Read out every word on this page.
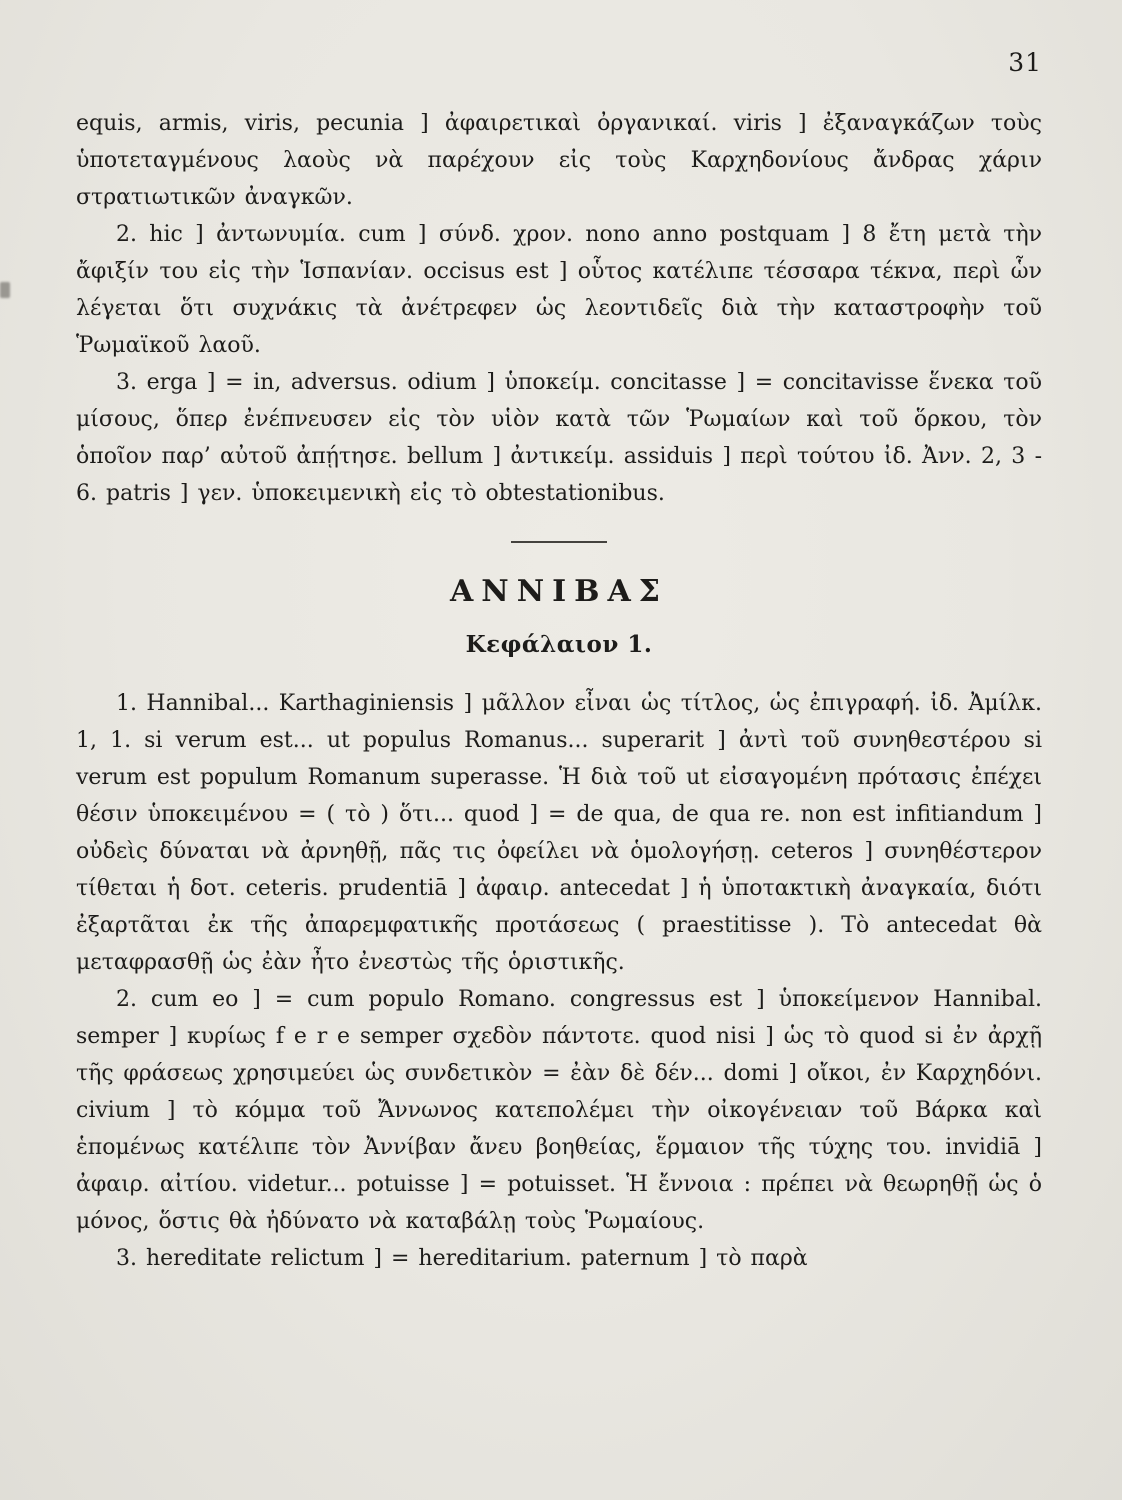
31

equis, armis, viris, pecunia ] ἀφαιρετικαὶ ὀργανικαί. viris ] ἐξαναγκάζων τοὺς ὑποτεταγμένους λαοὺς νὰ παρέχουν εἰς τοὺς Καρχηδονίους ἄνδρας χάριν στρατιωτικῶν ἀναγκῶν.

2. hic ] ἀντωνυμία. cum ] σύνδ. χρον. nono anno postquam ] 8 ἔτη μετὰ τὴν ἄφιξίν του εἰς τὴν Ἱσπανίαν. occisus est ] οὗτος κατέλιπε τέσσαρα τέκνα, περὶ ὧν λέγεται ὅτι συχνάκις τὰ ἀνέτρεφεν ὡς λεοντιδεῖς διὰ τὴν καταστροφὴν τοῦ Ῥωμαϊκοῦ λαοῦ.

3. erga ] = in, adversus. odium ] ὑποκείμ. concitasse ] = concitavisse ἕνεκα τοῦ μίσους, ὅπερ ἐνέπνευσεν εἰς τὸν υἱὸν κατὰ τῶν Ῥωμαίων καὶ τοῦ ὅρκου, τὸν ὁποῖον παρ’ αὐτοῦ ἀπῄτησε. bellum ] ἀντικείμ. assiduis ] περὶ τούτου ἰδ. Ἀνν. 2, 3 - 6. patris ] γεν. ὑποκειμενικὴ εἰς τὸ obtestationibus.

ΑΝΝΙΒΑΣ
Κεφάλαιον 1.

1. Hannibal... Karthaginiensis ] μᾶλλον εἶναι ὡς τίτλος, ὡς ἐπιγραφή. ἰδ. Ἀμίλκ. 1, 1. si verum est... ut populus Romanus... superarit ] ἀντὶ τοῦ συνηθεστέρου si verum est populum Romanum superasse. Ἡ διὰ τοῦ ut εἰσαγομένη πρότασις ἐπέχει θέσιν ὑποκειμένου = ( τὸ ) ὅτι... quod ] = de qua, de qua re. non est infitiandum ] οὐδεὶς δύναται νὰ ἀρνηθῇ, πᾶς τις ὀφείλει νὰ ὁμολογήσῃ. ceteros ] συνηθέστερον τίθεται ἡ δοτ. ceteris. prudentiā ] ἀφαιρ. antecedat ] ἡ ὑποτακτικὴ ἀναγκαία, διότι ἐξαρτᾶται ἐκ τῆς ἀπαρεμφατικῆς προτάσεως ( praestitisse ). Τὸ antecedat θὰ μεταφρασθῇ ὡς ἐὰν ἦτο ἐνεστὼς τῆς ὁριστικῆς.

2. cum eo ] = cum populo Romano. congressus est ] ὑποκείμενον Hannibal. semper ] κυρίως f e r e semper σχεδὸν πάντοτε. quod nisi ] ὡς τὸ quod si ἐν ἀρχῇ τῆς φράσεως χρησιμεύει ὡς συνδετικὸν = ἐὰν δὲ δέν... domi ] οἴκοι, ἐν Καρχηδόνι. civium ] τὸ κόμμα τοῦ Ἄννωνος κατεπολέμει τὴν οἰκογένειαν τοῦ Βάρκα καὶ ἑπομένως κατέλιπε τὸν Ἀννίβαν ἄνευ βοηθείας, ἕρμαιον τῆς τύχης του. invidiā ] ἀφαιρ. αἰτίου. videtur... potuisse ] = potuisset. Ἡ ἔννοια : πρέπει νὰ θεωρηθῇ ὡς ὁ μόνος, ὅστις θὰ ἠδύνατο νὰ καταβάλῃ τοὺς Ῥωμαίους.

3. hereditate relictum ] = hereditarium. paternum ] τὸ παρὰ
